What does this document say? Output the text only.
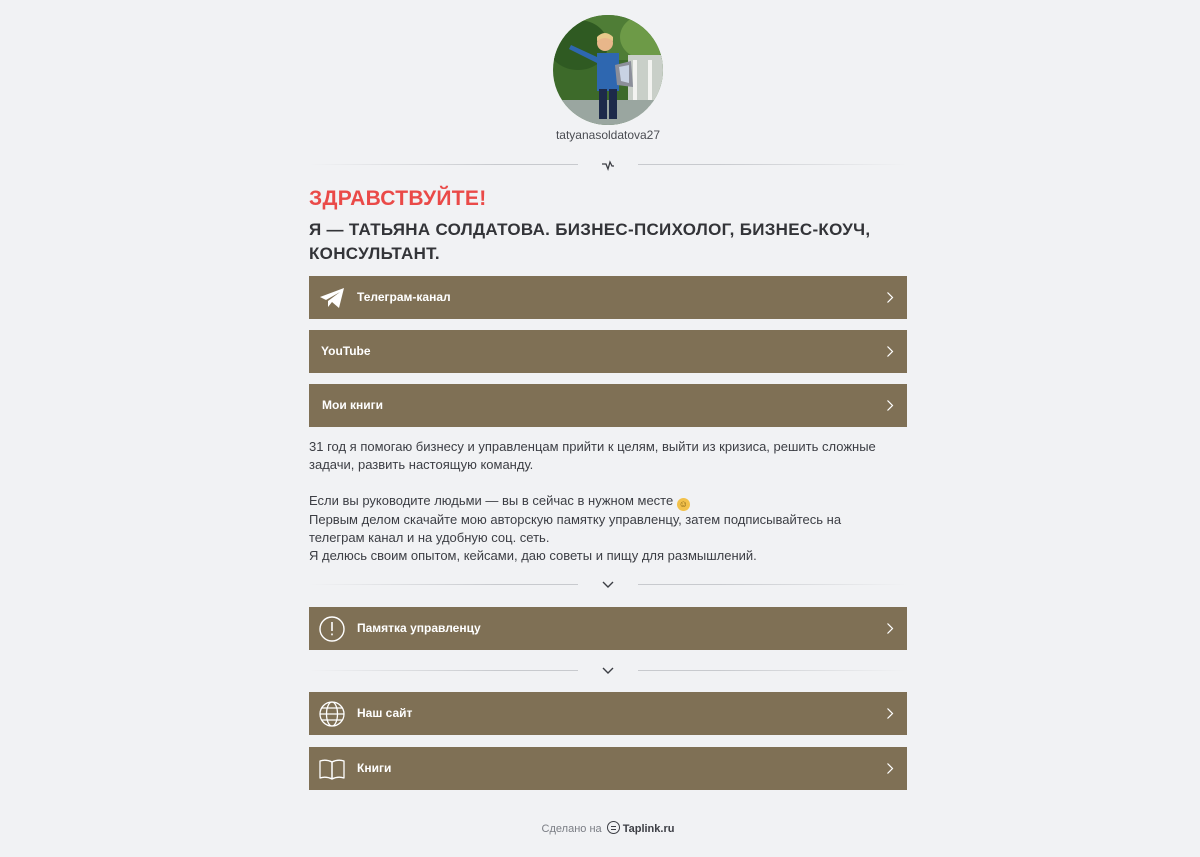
tatyanasoldatova27
ЗДРАВСТВУЙТЕ!
Я — ТАТЬЯНА СОЛДАТОВА. БИЗНЕС-ПСИХОЛОГ, БИЗНЕС-КОУЧ, КОНСУЛЬТАНТ.
Телеграм-канал
YouTube
Мои книги

31 год я помогаю бизнесу и управленцам прийти к целям, выйти из кризиса, решить сложные задачи, развить настоящую команду.

Если вы руководите людьми — вы в сейчас в нужном месте ☺

Первым делом скачайте мою авторскую памятку управленцу, затем подписывайтесь на телеграм канал и на удобную соц. сеть.

Я делюсь своим опытом, кейсами, даю советы и пищу для размышлений.

Памятка управленцу
Наш сайт
Книги
Сделано на Taplink.ru
